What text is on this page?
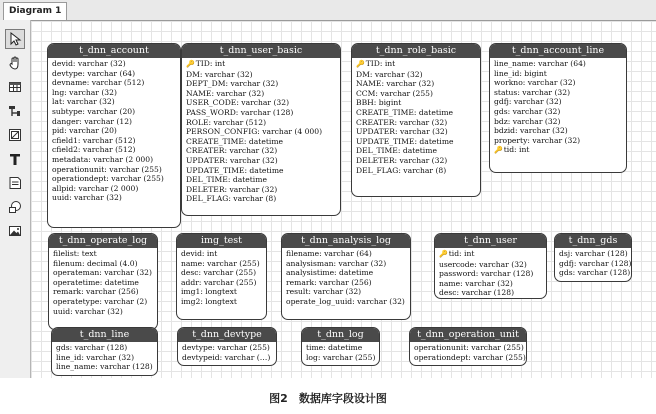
Diagram 1
t_dnn_account
devid: varchar (32)
devtype: varchar (64)
devname: varchar (512)
lng: varchar (32)
lat: varchar (32)
subtype: varchar (20)
danger: varchar (12)
pid: varchar (20)
cfield1: varchar (512)
cfield2: varchar (512)
metadata: varchar (2 000)
operationunit: varchar (255)
operationdept: varchar (255)
allpid: varchar (2 000)
uuid: varchar (32)
t_dnn_user_basic
🔑TID: int
DM: varchar (32)
DEPT_DM: varchar (32)
NAME: varchar (32)
USER_CODE: varchar (32)
PASS_WORD: varchar (128)
ROLE: varchar (512)
PERSON_CONFIG: varchar (4 000)
CREATE_TIME: datetime
CREATER: varchar (32)
UPDATER: varchar (32)
UPDATE_TIME: datetime
DEL_TIME: datetime
DELETER: varchar (32)
DEL_FLAG: varchar (8)
t_dnn_role_basic
🔑TID: int
DM: varchar (32)
NAME: varchar (32)
CCM: varchar (255)
BBH: bigint
CREATE_TIME: datetime
CREATER: varchar (32)
UPDATER: varchar (32)
UPDATE_TIME: datetime
DEL_TIME: datetime
DELETER: varchar (32)
DEL_FLAG: varchar (8)
t_dnn_account_line
line_name: varchar (64)
line_id: bigint
workno: varchar (32)
status: varchar (32)
gdfj: varchar (32)
gds: varchar (32)
bdz: varchar (32)
bdzid: varchar (32)
property: varchar (32)
🔑tid: int
t_dnn_operate_log
filelist: text
filenum: decimal (4.0)
operateman: varchar (32)
operatetime: datetime
remark: varchar (256)
operatetype: varchar (2)
uuid: varchar (32)
img_test
devid: int
name: varchar (255)
desc: varchar (255)
addr: varchar (255)
img1: longtext
img2: longtext
t_dnn_analysis_log
filename: varchar (64)
analysisman: varchar (32)
analysistime: datetime
remark: varchar (256)
result: varchar (32)
operate_log_uuid: varchar (32)
t_dnn_user
🔑tid: int
usercode: varchar (32)
password: varchar (128)
name: varchar (32)
desc: varchar (128)
t_dnn_gds
dsj: varchar (128)
gdfj: varchar (128)
gds: varchar (128)
t_dnn_line
gds: varchar (128)
line_id: varchar (32)
line_name: varchar (128)
t_dnn_devtype
devtype: varchar (255)
devtypeid: varchar (…)
t_dnn_log
time: datetime
log: varchar (255)
t_dnn_operation_unit
operationunit: varchar (255)
operationdept: varchar (255)
图2　数据库字段设计图
